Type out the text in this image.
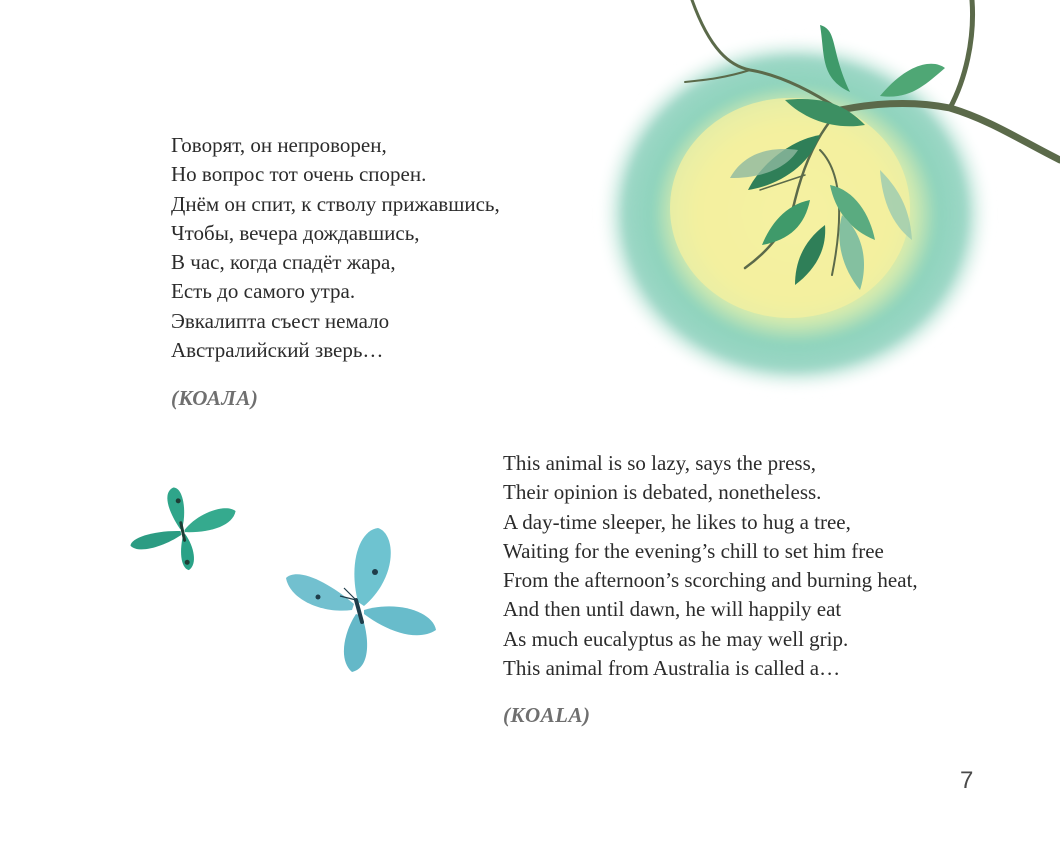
Говорят, он непроворен,
Но вопрос тот очень спорен.
Днём он спит, к стволу прижавшись,
Чтобы, вечера дождавшись,
В час, когда спадёт жара,
Есть до самого утра.
Эвкалипта съест немало
Австралийский зверь…
(КОАЛА)
This animal is so lazy, says the press,
Their opinion is debated, nonetheless.
A day-time sleeper, he likes to hug a tree,
Waiting for the evening’s chill to set him free
From the afternoon’s scorching and burning heat,
And then until dawn, he will happily eat
As much eucalyptus as he may well grip.
This animal from Australia is called a…
(KOALA)
7
